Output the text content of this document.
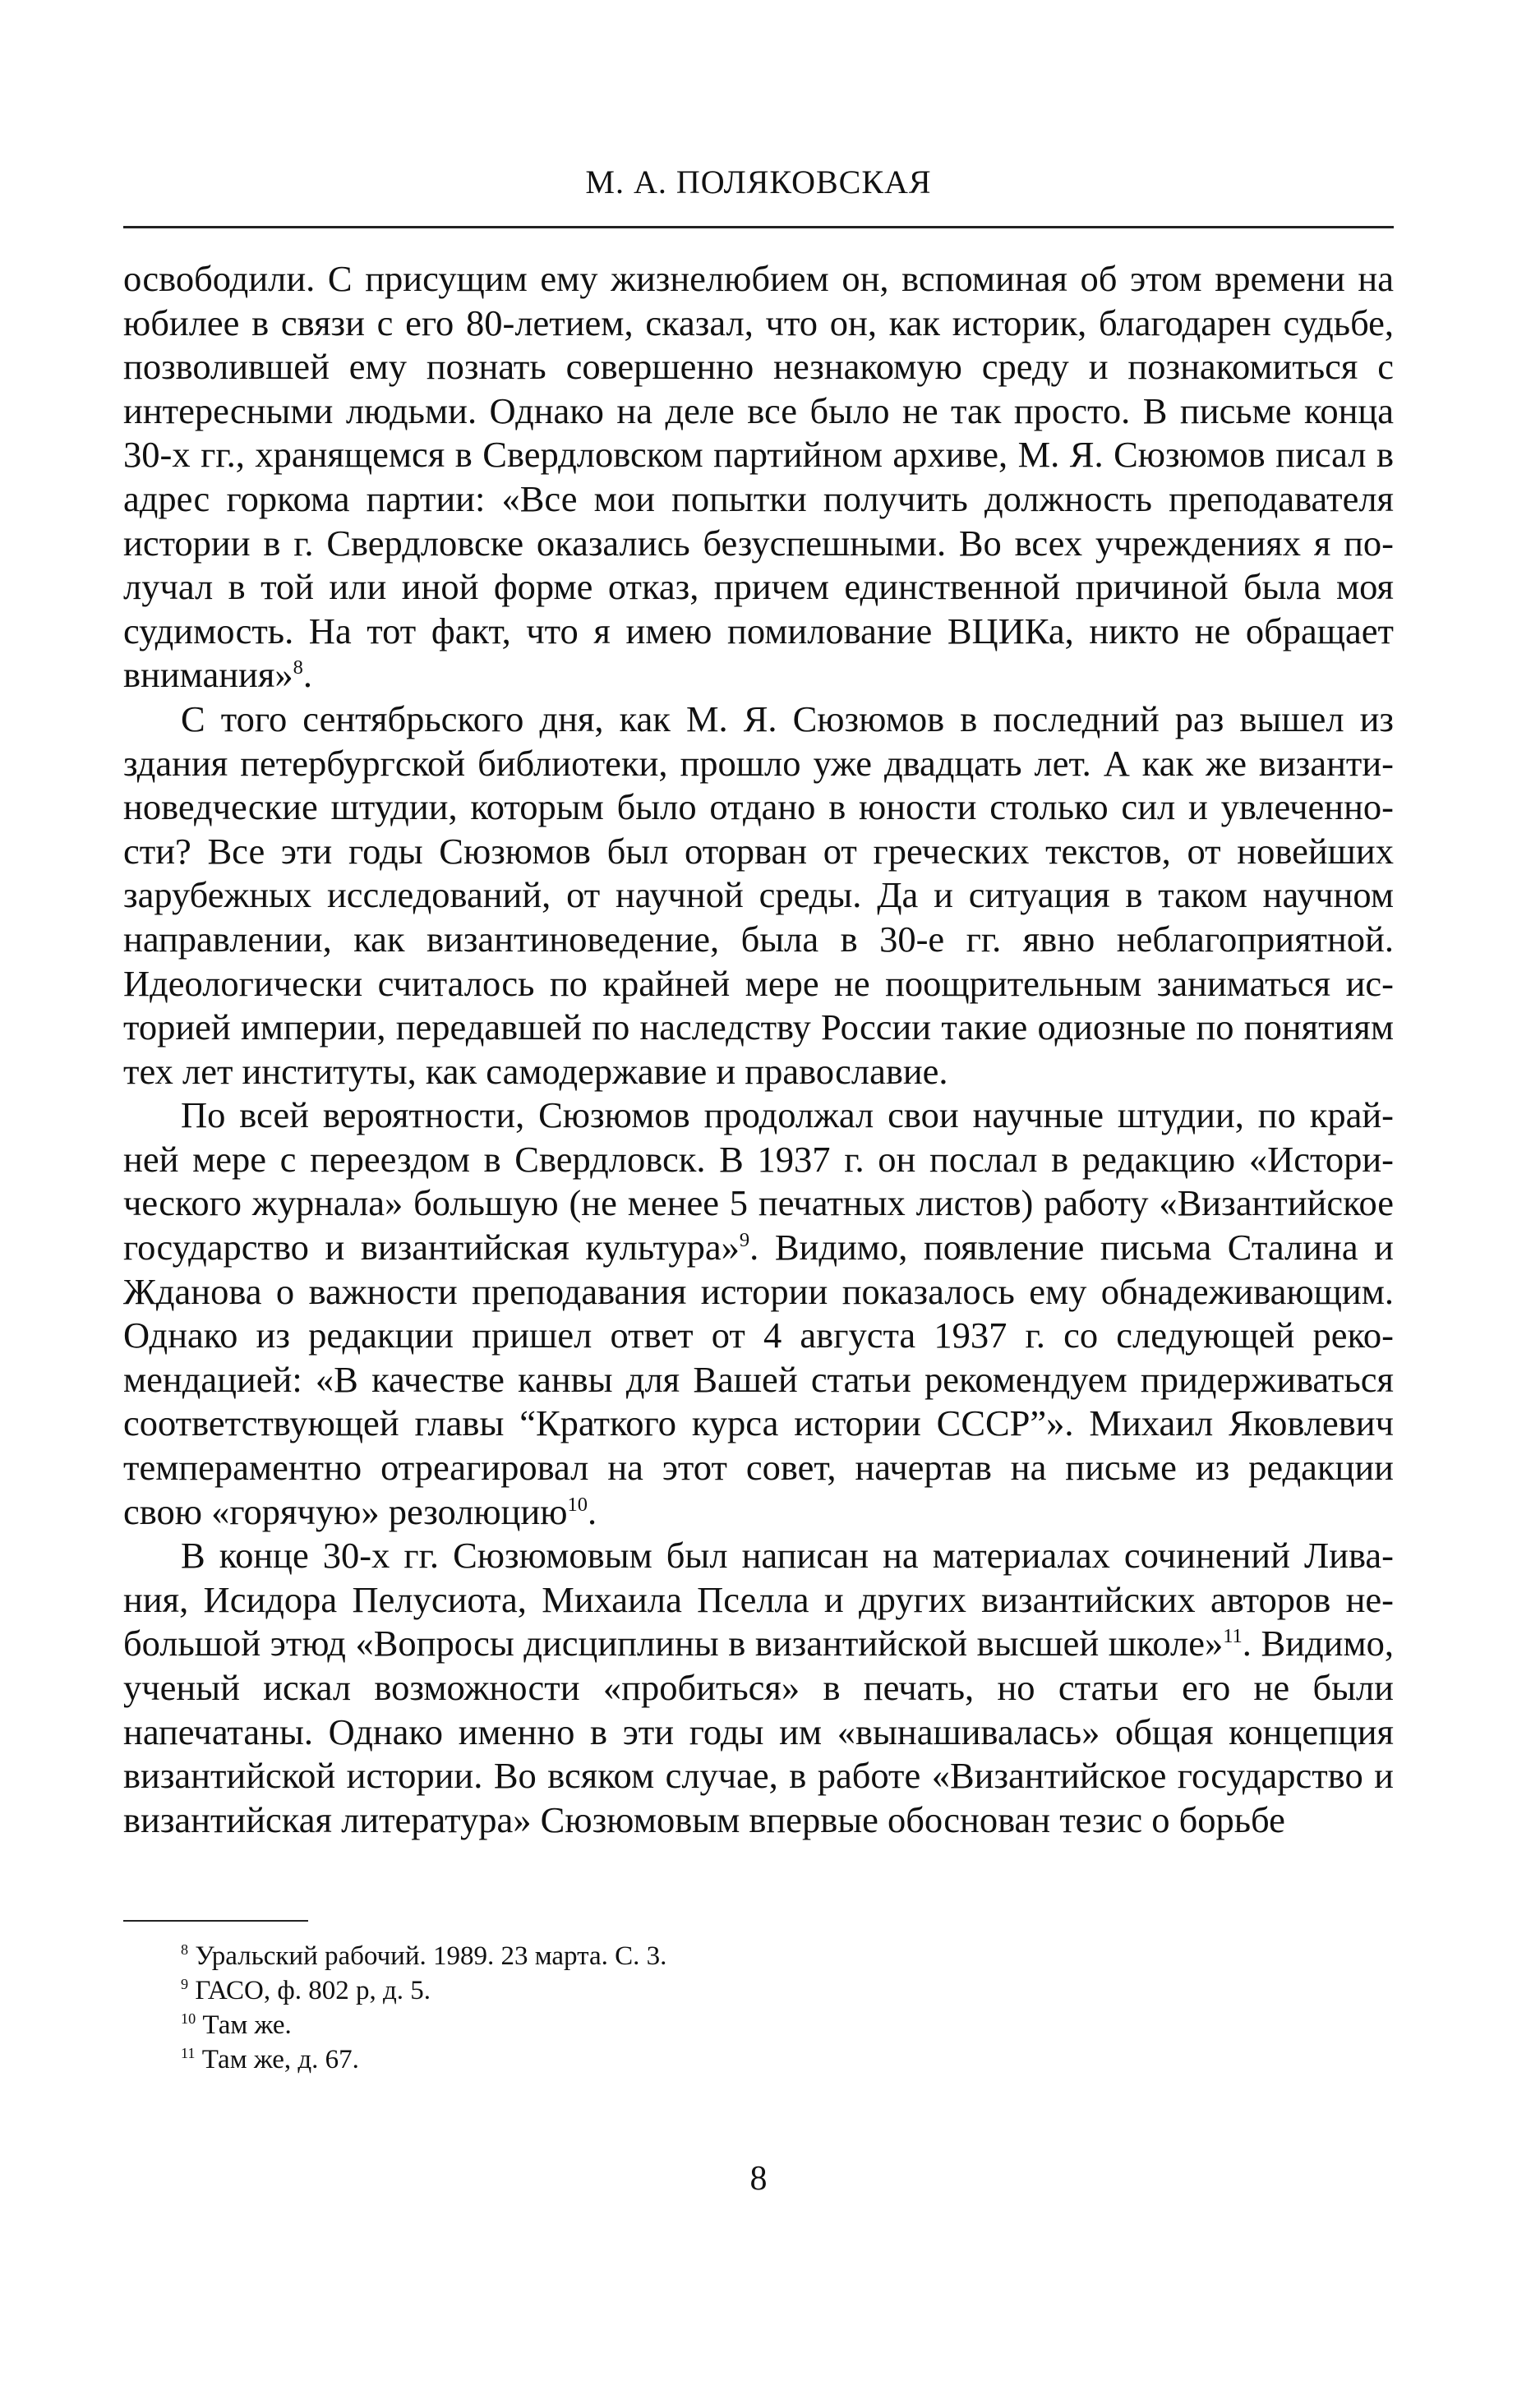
М. А. ПОЛЯКОВСКАЯ

освободили. С присущим ему жизнелюбием он, вспоминая об этом времени на юбилее в связи с его 80-летием, сказал, что он, как историк, благодарен судьбе, позволившей ему познать совершенно незнакомую среду и познакомиться с интересными людьми. Однако на деле все было не так просто. В письме конца 30-х гг., хранящемся в Свердловском партийном архиве, М. Я. Сюзюмов писал в адрес горкома партии: «Все мои попытки получить должность преподавателя истории в г. Свердловске оказались безуспешными. Во всех учреждениях я получал в той или иной форме отказ, причем единственной причиной была моя судимость. На тот факт, что я имею помилование ВЦИКа, никто не обращает внимания»$^8$.

С того сентябрьского дня, как М. Я. Сюзюмов в последний раз вышел из здания петербургской библиотеки, прошло уже двадцать лет. А как же византиноведческие штудии, которым было отдано в юности столько сил и увлеченности? Все эти годы Сюзюмов был оторван от греческих текстов, от новейших зарубежных исследований, от научной среды. Да и ситуация в таком научном направлении, как византиноведение, была в 30-е гг. явно неблагоприятной. Идеологически считалось по крайней мере не поощрительным заниматься историей империи, передавшей по наследству России такие одиозные по понятиям тех лет институты, как самодержавие и православие.

По всей вероятности, Сюзюмов продолжал свои научные штудии, по крайней мере с переездом в Свердловск. В 1937 г. он послал в редакцию «Исторического журнала» большую (не менее 5 печатных листов) работу «Византийское государство и византийская культура»$^9$. Видимо, появление письма Сталина и Жданова о важности преподавания истории показалось ему обнадеживающим. Однако из редакции пришел ответ от 4 августа 1937 г. со следующей рекомендацией: «В качестве канвы для Вашей статьи рекомендуем придерживаться соответствующей главы “Краткого курса истории СССР”». Михаил Яковлевич темпераментно отреагировал на этот совет, начертав на письме из редакции свою «горячую» резолюцию$^{10}$.

В конце 30-х гг. Сюзюмовым был написан на материалах сочинений Ливания, Исидора Пелусиота, Михаила Пселла и других византийских авторов небольшой этюд «Вопросы дисциплины в византийской высшей школе»$^{11}$. Видимо, ученый искал возможности «пробиться» в печать, но статьи его не были напечатаны. Однако именно в эти годы им «вынашивалась» общая концепция византийской истории. Во всяком случае, в работе «Византийское государство и византийская литература» Сюзюмовым впервые обоснован тезис о борьбе

$^8$ Уральский рабочий. 1989. 23 марта. С. 3.
$^9$ ГАСО, ф. 802 р, д. 5.
$^{10}$ Там же.
$^{11}$ Там же, д. 67.
8
